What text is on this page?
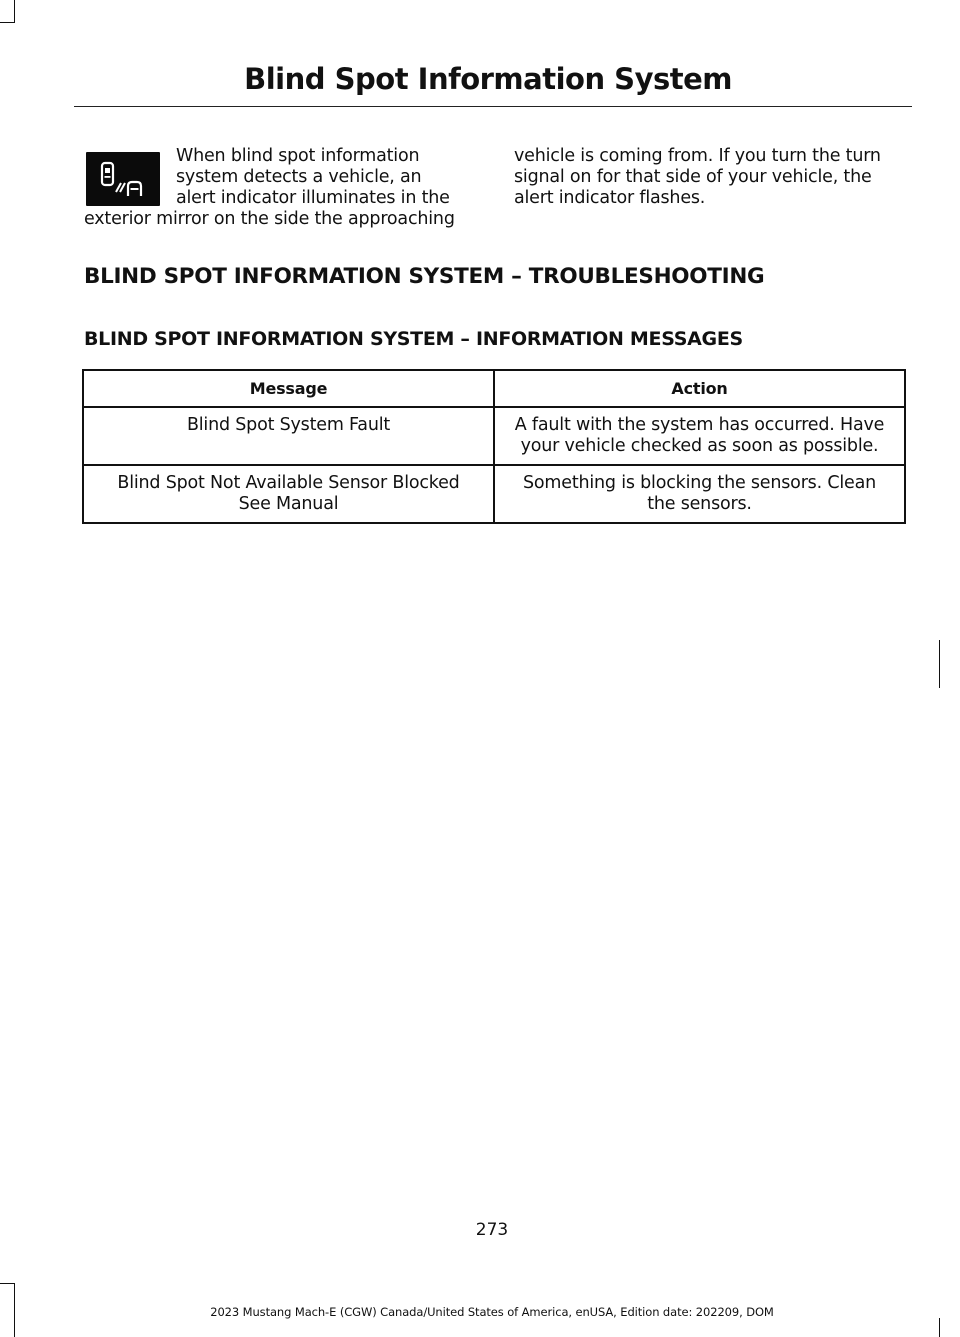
Blind Spot Information System
When blind spot information
system detects a vehicle, an
alert indicator illuminates in the
exterior mirror on the side the approaching
vehicle is coming from. If you turn the turn
signal on for that side of your vehicle, the
alert indicator flashes.
BLIND SPOT INFORMATION SYSTEM – TROUBLESHOOTING
BLIND SPOT INFORMATION SYSTEM – INFORMATION MESSAGES
Message	Action

Blind Spot System Fault	A fault with the system has occurred. Have
your vehicle checked as soon as possible.

Blind Spot Not Available Sensor Blocked
See Manual	Something is blocking the sensors. Clean
the sensors.
273
2023 Mustang Mach-E (CGW) Canada/United States of America, enUSA, Edition date: 202209, DOM
